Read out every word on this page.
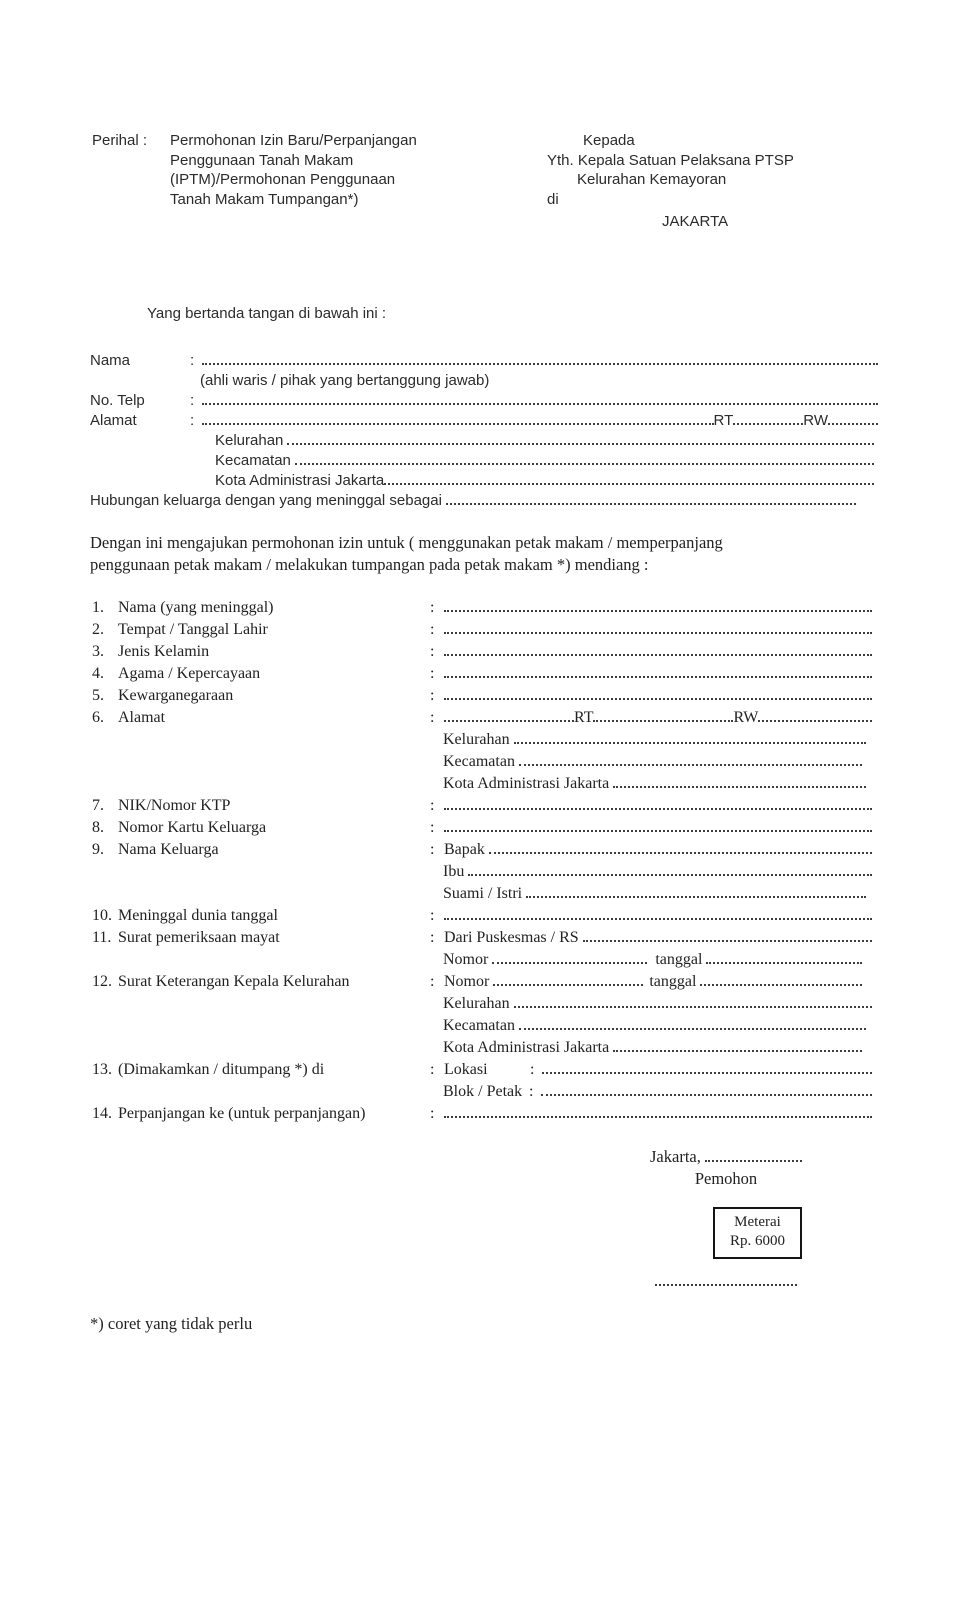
Perihal :	Permohonan Izin Baru/Perpanjangan
Penggunaan Tanah Makam
(IPTM)/Permohonan Penggunaan
Tanah Makam Tumpangan*)
Kepada
Yth. Kepala Satuan Pelaksana PTSP
Kelurahan Kemayoran
di
JAKARTA
Yang bertanda tangan di bawah ini :
Nama	:
(ahli waris / pihak yang bertanggung jawab)
No. Telp	:
Alamat	:	RT	RW
Kelurahan
Kecamatan
Kota Administrasi Jakarta
Hubungan keluarga dengan yang meninggal sebagai
Dengan ini mengajukan permohonan izin untuk ( menggunakan petak makam / memperpanjang
penggunaan petak makam / melakukan tumpangan pada petak makam *) mendiang :
1. Nama (yang meninggal)	:
2. Tempat / Tanggal Lahir	:
3. Jenis Kelamin	:
4. Agama / Kepercayaan	:
5. Kewarganegaraan	:
6. Alamat	:	RT	RW
Kelurahan
Kecamatan
Kota Administrasi Jakarta
7. NIK/Nomor KTP	:
8. Nomor Kartu Keluarga	:
9. Nama Keluarga	: Bapak
Ibu
Suami / Istri
10. Meninggal dunia tanggal	:
11. Surat pemeriksaan mayat	: Dari Puskesmas / RS
Nomor	tanggal
12. Surat Keterangan Kepala Kelurahan	: Nomor	tanggal
Kelurahan
Kecamatan
Kota Administrasi Jakarta
13. (Dimakamkan / ditumpang *) di	: Lokasi	:
Blok / Petak :
14. Perpanjangan ke (untuk perpanjangan)	:
Jakarta,
Pemohon
Meterai
Rp. 6000
*) coret yang tidak perlu
